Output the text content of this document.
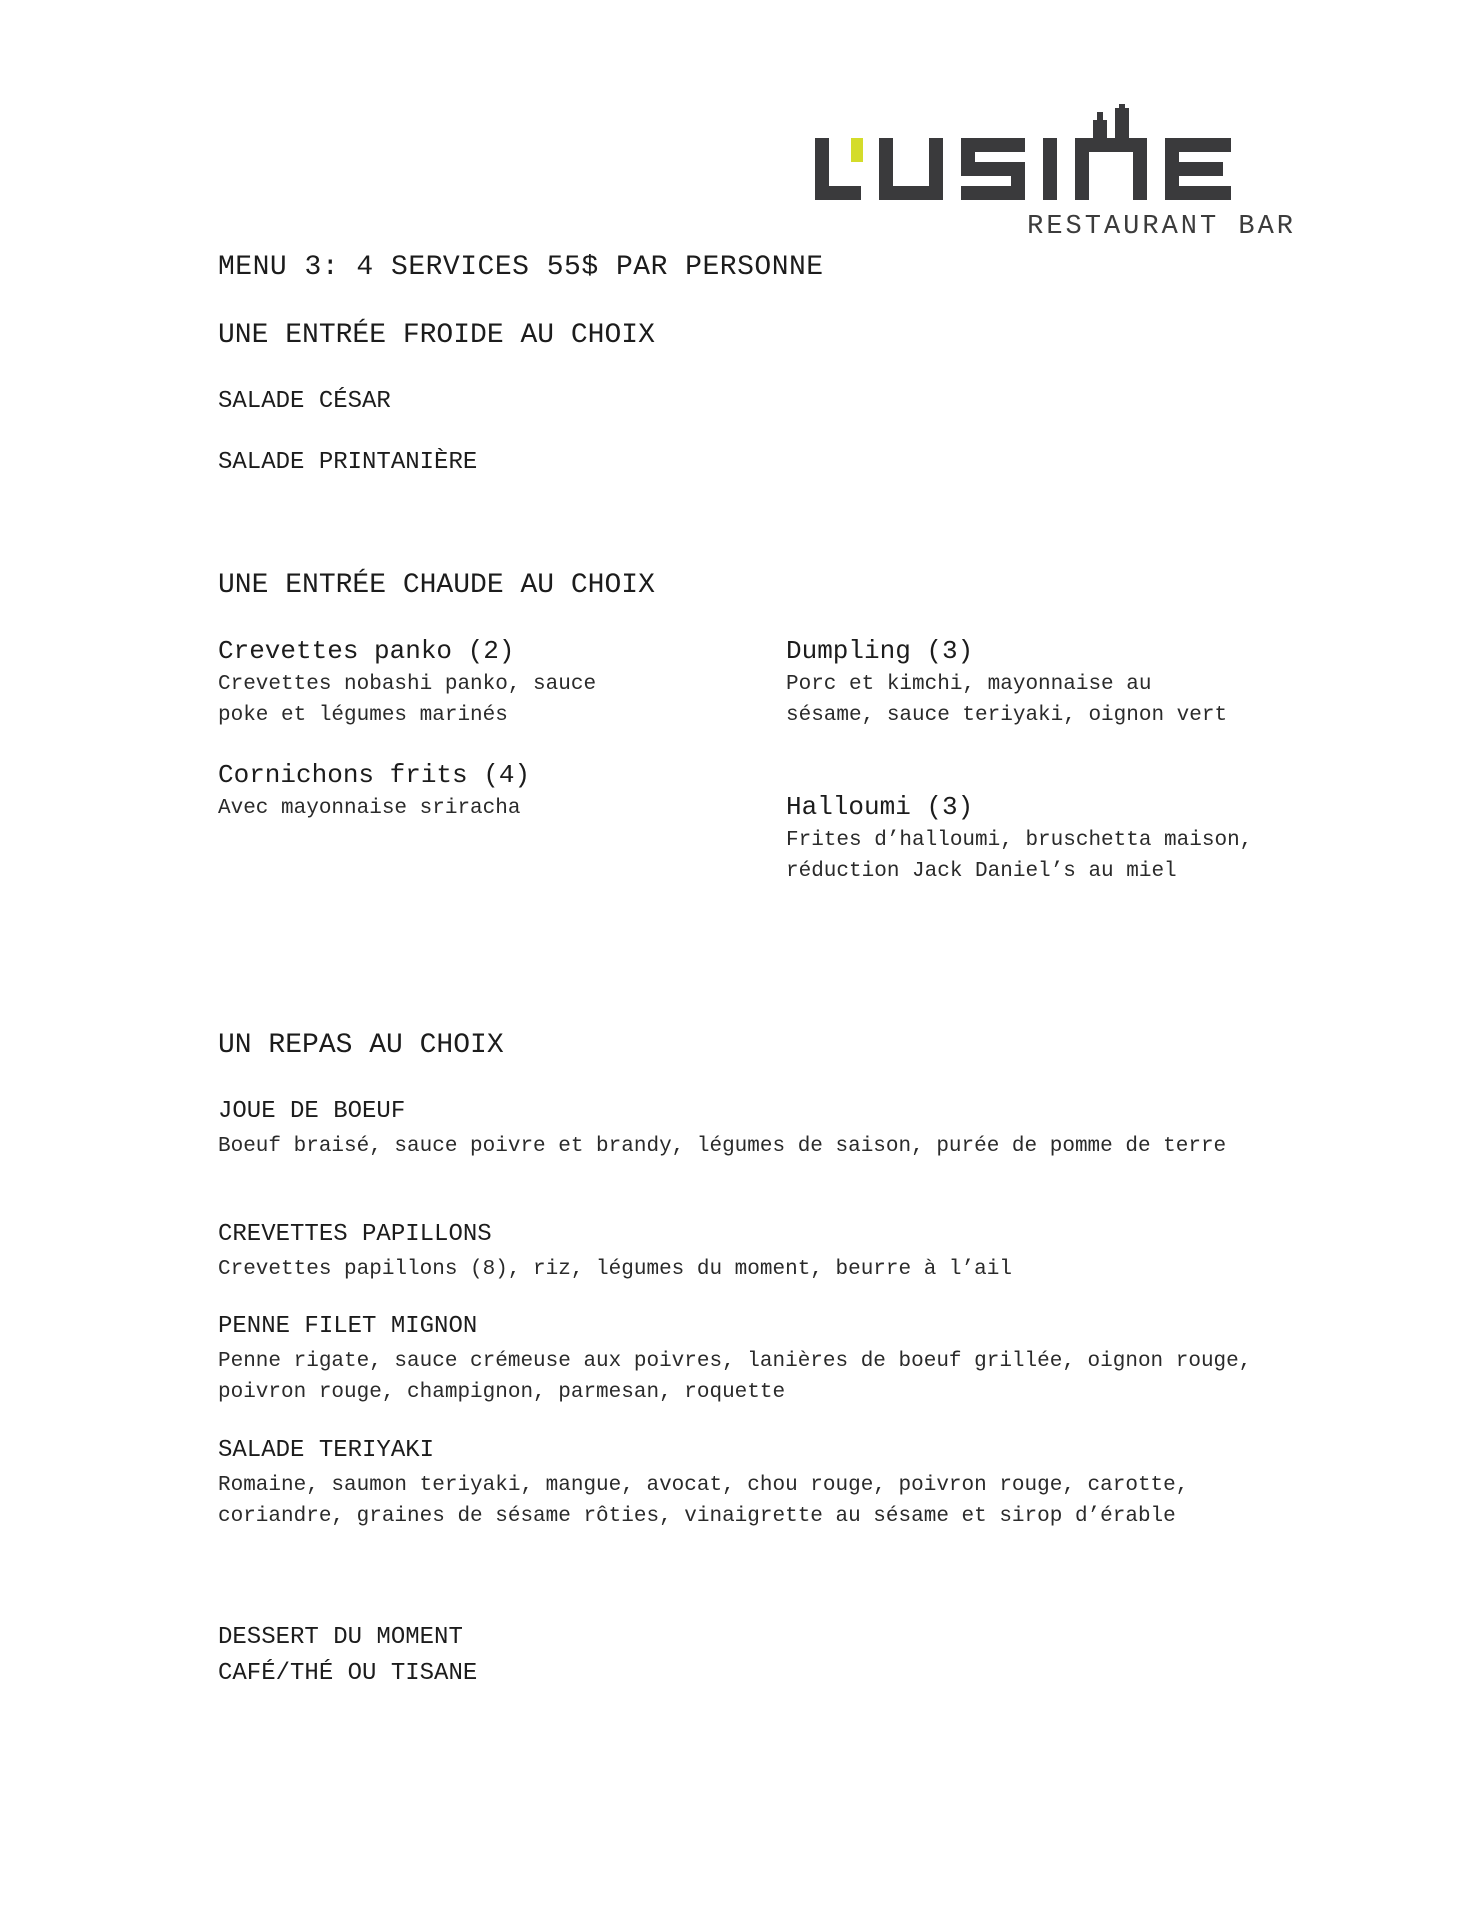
RESTAURANT BAR
MENU 3: 4 SERVICES 55$ PAR PERSONNE
UNE ENTRÉE FROIDE AU CHOIX
SALADE CÉSAR
SALADE PRINTANIÈRE
UNE ENTRÉE CHAUDE AU CHOIX
Crevettes panko (2)
Crevettes nobashi panko, sauce poke et légumes marinés
Cornichons frits (4)
Avec mayonnaise sriracha
Dumpling (3)
Porc et kimchi, mayonnaise au sésame, sauce teriyaki, oignon vert
Halloumi (3)
Frites d’halloumi, bruschetta maison, réduction Jack Daniel’s au miel
UN REPAS AU CHOIX
JOUE DE BOEUF
Boeuf braisé, sauce poivre et brandy, légumes de saison, purée de pomme de terre
CREVETTES PAPILLONS
Crevettes papillons (8), riz, légumes du moment, beurre à l’ail
PENNE FILET MIGNON
Penne rigate, sauce crémeuse aux poivres, lanières de boeuf grillée, oignon rouge, poivron rouge, champignon, parmesan, roquette
SALADE TERIYAKI
Romaine, saumon teriyaki, mangue, avocat, chou rouge, poivron rouge, carotte, coriandre, graines de sésame rôties, vinaigrette au sésame et sirop d’érable
DESSERT DU MOMENT
CAFÉ/THÉ OU TISANE
